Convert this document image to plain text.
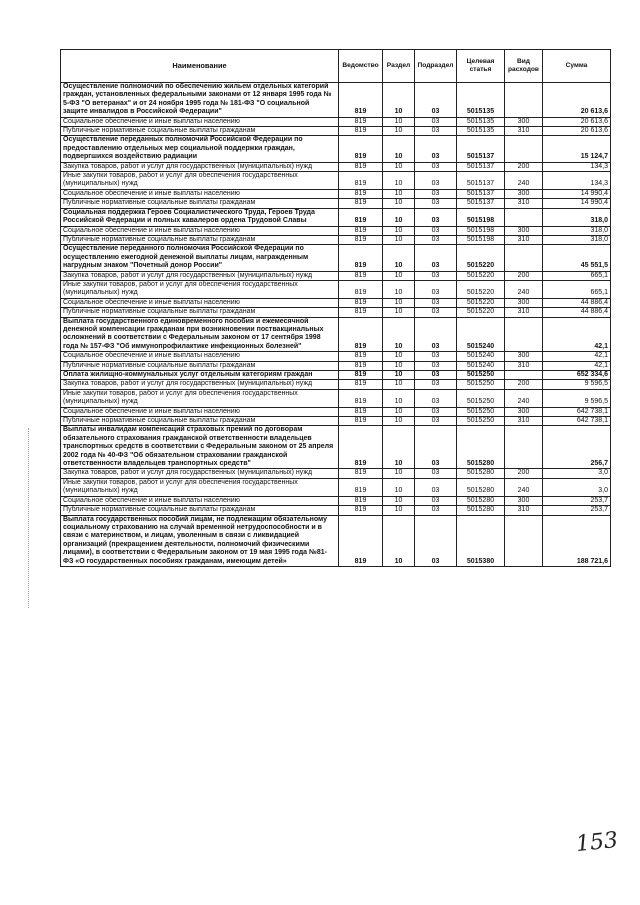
Наименование	Ведомство	Раздел	Подраздел	Целевая статья	Вид расходов	Сумма
Осуществление полномочий по обеспечению жильем отдельных категорий граждан, установленных федеральными законами от 12 января 1995 года № 5-ФЗ "О ветеранах" и от 24 ноября 1995 года № 181-ФЗ "О социальной защите инвалидов в Российской Федерации"	819	10	03	5015135		20 613,6
Социальное обеспечение и иные выплаты населению	819	10	03	5015135	300	20 613,6
Публичные нормативные социальные выплаты гражданам	819	10	03	5015135	310	20 613,6
Осуществление переданных полномочий Российской Федерации по предоставлению отдельных мер социальной поддержки граждан, подвергшихся воздействию радиации	819	10	03	5015137		15 124,7
Закупка товаров, работ и услуг для государственных (муниципальных) нужд	819	10	03	5015137	200	134,3
Иные закупки товаров, работ и услуг для обеспечения государственных (муниципальных) нужд	819	10	03	5015137	240	134,3
Социальное обеспечение и иные выплаты населению	819	10	03	5015137	300	14 990,4
Публичные нормативные социальные выплаты гражданам	819	10	03	5015137	310	14 990,4
Социальная поддержка Героев Социалистического Труда, Героев Труда Российской Федерации и полных кавалеров ордена Трудовой Славы	819	10	03	5015198		318,0
Социальное обеспечение и иные выплаты населению	819	10	03	5015198	300	318,0
Публичные нормативные социальные выплаты гражданам	819	10	03	5015198	310	318,0
Осуществление переданного полномочия Российской Федерации по осуществлению ежегодной денежной выплаты лицам, награжденным нагрудным знаком "Почетный донор России"	819	10	03	5015220		45 551,5
Закупка товаров, работ и услуг для государственных (муниципальных) нужд	819	10	03	5015220	200	665,1
Иные закупки товаров, работ и услуг для обеспечения государственных (муниципальных) нужд	819	10	03	5015220	240	665,1
Социальное обеспечение и иные выплаты населению	819	10	03	5015220	300	44 886,4
Публичные нормативные социальные выплаты гражданам	819	10	03	5015220	310	44 886,4
Выплата государственного единовременного пособия и ежемесячной денежной компенсации гражданам при возникновении поствакцинальных осложнений в соответствии с Федеральным законом от 17 сентября 1998 года № 157-ФЗ "Об иммунопрофилактике инфекционных болезней"	819	10	03	5015240		42,1
Социальное обеспечение и иные выплаты населению	819	10	03	5015240	300	42,1
Публичные нормативные социальные выплаты гражданам	819	10	03	5015240	310	42,1
Оплата жилищно-коммунальных услуг отдельным категориям граждан	819	10	03	5015250		652 334,6
Закупка товаров, работ и услуг для государственных (муниципальных) нужд	819	10	03	5015250	200	9 596,5
Иные закупки товаров, работ и услуг для обеспечения государственных (муниципальных) нужд	819	10	03	5015250	240	9 596,5
Социальное обеспечение и иные выплаты населению	819	10	03	5015250	300	642 738,1
Публичные нормативные социальные выплаты гражданам	819	10	03	5015250	310	642 738,1
Выплаты инвалидам компенсаций страховых премий по договорам обязательного страхования гражданской ответственности владельцев транспортных средств в соответствии с Федеральным законом от 25 апреля 2002 года № 40-ФЗ "Об обязательном страховании гражданской ответственности владельцев транспортных средств"	819	10	03	5015280		256,7
Закупка товаров, работ и услуг для государственных (муниципальных) нужд	819	10	03	5015280	200	3,0
Иные закупки товаров, работ и услуг для обеспечения государственных (муниципальных) нужд	819	10	03	5015280	240	3,0
Социальное обеспечение и иные выплаты населению	819	10	03	5015280	300	253,7
Публичные нормативные социальные выплаты гражданам	819	10	03	5015280	310	253,7
Выплата государственных пособий лицам, не подлежащим обязательному социальному страхованию на случай временной нетрудоспособности и в связи с материнством, и лицам, уволенным в связи с ликвидацией организаций (прекращением деятельности, полномочий физическими лицами), в соответствии с Федеральным законом от 19 мая 1995 года №81-ФЗ «О государственных пособиях гражданам, имеющим детей»	819	10	03	5015380		188 721,6
153
